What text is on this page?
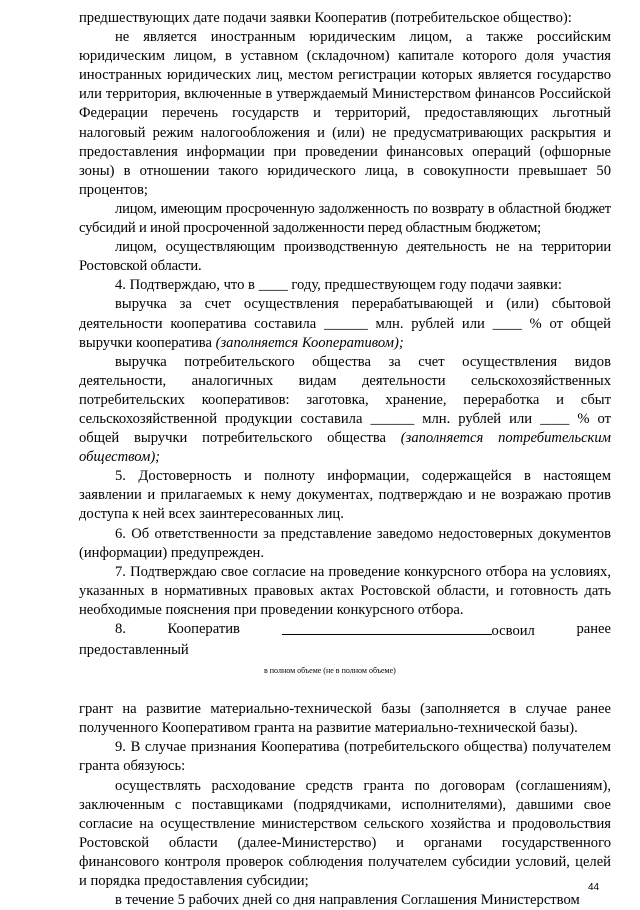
предшествующих дате подачи заявки Кооператив (потребительское общество):

не является иностранным юридическим лицом, а также российским юридическим лицом, в уставном (складочном) капитале которого доля участия иностранных юридических лиц, местом регистрации которых является государство или территория, включенные в утверждаемый Министерством финансов Российской Федерации перечень государств и территорий, предоставляющих льготный налоговый режим налогообложения и (или) не предусматривающих раскрытия и предоставления информации при проведении финансовых операций (офшорные зоны) в отношении такого юридического лица, в совокупности превышает 50 процентов;

лицом, имеющим просроченную задолженность по возврату в областной бюджет субсидий и иной просроченной задолженности перед областным бюджетом;

лицом, осуществляющим производственную деятельность не на территории Ростовской области.

4. Подтверждаю, что в ____ году, предшествующем году подачи заявки:

выручка за счет осуществления перерабатывающей и (или) сбытовой деятельности кооператива составила ______ млн. рублей или ____ % от общей выручки кооператива (заполняется Кооперативом);

выручка потребительского общества за счет осуществления видов деятельности, аналогичных видам деятельности сельскохозяйственных потребительских кооперативов: заготовка, хранение, переработка и сбыт сельскохозяйственной продукции составила ______ млн. рублей или ____ % от общей выручки потребительского общества (заполняется потребительским обществом);

5. Достоверность и полноту информации, содержащейся в настоящем заявлении и прилагаемых к нему документах, подтверждаю и не возражаю против доступа к ней всех заинтересованных лиц.

6. Об ответственности за представление заведомо недостоверных документов (информации) предупрежден.

7. Подтверждаю свое согласие на проведение конкурсного отбора на условиях, указанных в нормативных правовых актах Ростовской области, и готовность дать необходимые пояснения при проведении конкурсного отбора.

8.	Кооператив	освоил	ранее

предоставленный

в полном объеме (не в полном объеме)

грант на развитие материально-технической базы (заполняется в случае ранее полученного Кооперативом гранта на развитие материально-технической базы).

9. В случае признания Кооператива (потребительского общества) получателем гранта обязуюсь:

осуществлять расходование средств гранта по договорам (соглашениям), заключенным с поставщиками (подрядчиками, исполнителями), давшими свое согласие на осуществление министерством сельского хозяйства и продовольствия Ростовской области (далее-Министерство) и органами государственного финансового контроля проверок соблюдения получателем субсидии условий, целей и порядка предоставления субсидии;

в течение 5 рабочих дней со дня направления Соглашения Министерством

44
